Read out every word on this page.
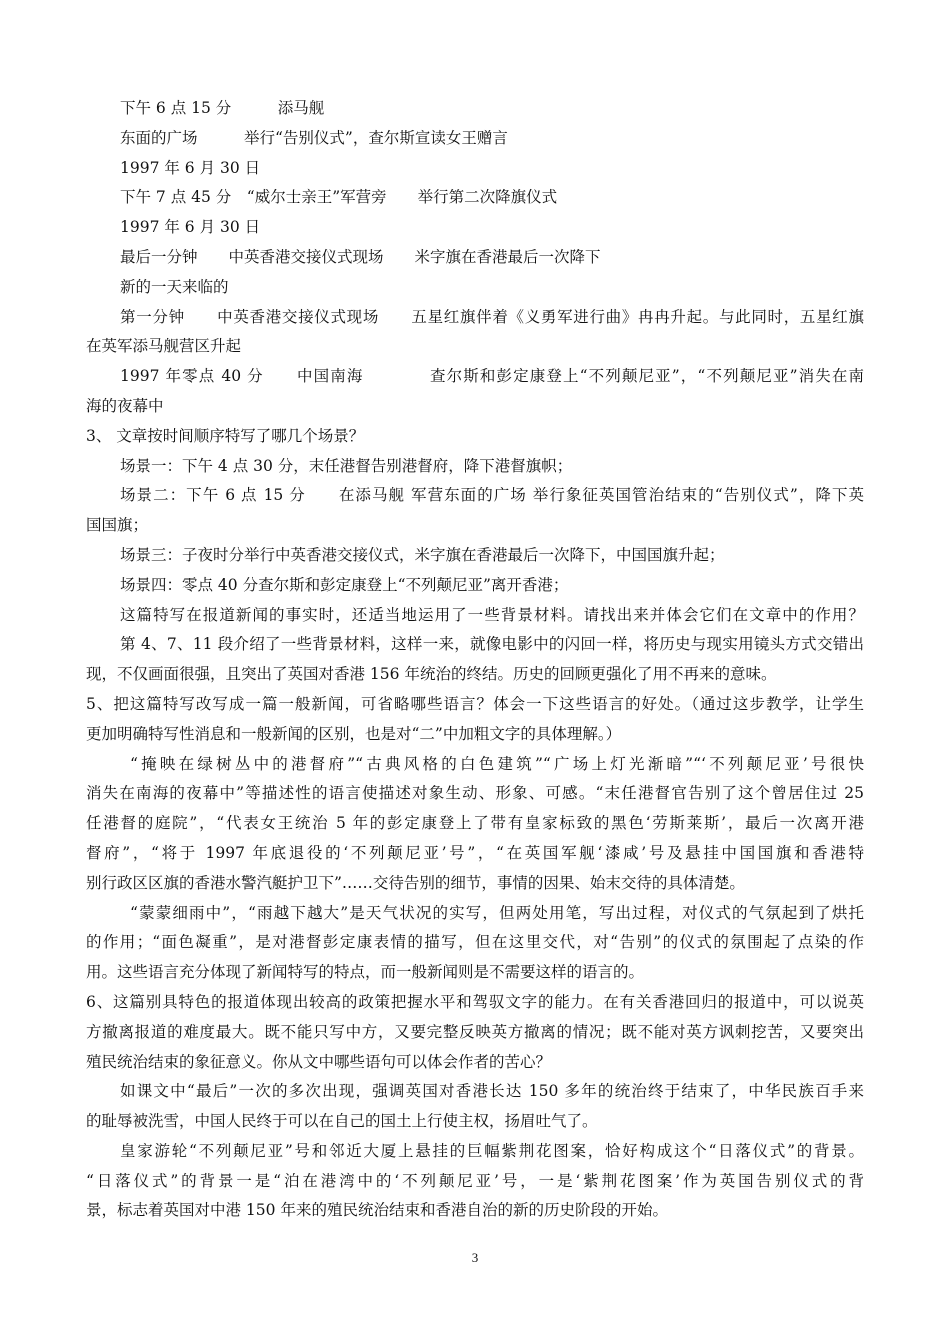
下午 6 点 15 分　　　添马舰
东面的广场　　　举行“告别仪式”，查尔斯宣读女王赠言
1997 年 6 月 30 日
下午 7 点 45 分　“威尔士亲王”军营旁　　举行第二次降旗仪式
1997 年 6 月 30 日
最后一分钟　　中英香港交接仪式现场　　米字旗在香港最后一次降下
新的一天来临的
第一分钟　　中英香港交接仪式现场　　五星红旗伴着《义勇军进行曲》冉冉升起。与此同时，五星红旗
在英军添马舰营区升起
1997 年零点 40 分　　中国南海　　　　查尔斯和彭定康登上“不列颠尼亚”，“不列颠尼亚”消失在南
海的夜幕中
3、 文章按时间顺序特写了哪几个场景？
场景一：下午 4 点 30 分，末任港督告别港督府，降下港督旗帜；
场景二：下午 6 点 15 分　　在添马舰 军营东面的广场 举行象征英国管治结束的“告别仪式”，降下英
国国旗；
场景三：子夜时分举行中英香港交接仪式，米字旗在香港最后一次降下，中国国旗升起；
场景四：零点 40 分查尔斯和彭定康登上“不列颠尼亚”离开香港；
这篇特写在报道新闻的事实时，还适当地运用了一些背景材料。请找出来并体会它们在文章中的作用？
第 4、7、11 段介绍了一些背景材料，这样一来，就像电影中的闪回一样，将历史与现实用镜头方式交错出
现，不仅画面很强，且突出了英国对香港 156 年统治的终结。历史的回顾更强化了用不再来的意味。
5、把这篇特写改写成一篇一般新闻，可省略哪些语言？体会一下这些语言的好处。（通过这步教学，让学生
更加明确特写性消息和一般新闻的区别，也是对“二”中加粗文字的具体理解。）
“掩映在绿树丛中的港督府”“古典风格的白色建筑”“广场上灯光渐暗”“‘不列颠尼亚’号很快
消失在南海的夜幕中”等描述性的语言使描述对象生动、形象、可感。“末任港督官告别了这个曾居住过 25
任港督的庭院”，“代表女王统治 5 年的彭定康登上了带有皇家标致的黑色‘劳斯莱斯’，最后一次离开港
督府”，“将于 1997 年底退役的‘不列颠尼亚’号”，“在英国军舰‘漆咸’号及悬挂中国国旗和香港特
别行政区区旗的香港水警汽艇护卫下”……交待告别的细节，事情的因果、始末交待的具体清楚。
“蒙蒙细雨中”，“雨越下越大”是天气状况的实写，但两处用笔，写出过程，对仪式的气氛起到了烘托
的作用；“面色凝重”，是对港督彭定康表情的描写，但在这里交代，对“告别”的仪式的氛围起了点染的作
用。这些语言充分体现了新闻特写的特点，而一般新闻则是不需要这样的语言的。
6、这篇别具特色的报道体现出较高的政策把握水平和驾驭文字的能力。在有关香港回归的报道中，可以说英
方撤离报道的难度最大。既不能只写中方，又要完整反映英方撤离的情况；既不能对英方讽刺挖苦，又要突出
殖民统治结束的象征意义。你从文中哪些语句可以体会作者的苦心？
如课文中“最后”一次的多次出现，强调英国对香港长达 150 多年的统治终于结束了，中华民族百手来
的耻辱被洗雪，中国人民终于可以在自己的国土上行使主权，扬眉吐气了。
皇家游轮“不列颠尼亚”号和邻近大厦上悬挂的巨幅紫荆花图案，恰好构成这个“日落仪式”的背景。
“日落仪式”的背景一是“泊在港湾中的‘不列颠尼亚’号，一是‘紫荆花图案’作为英国告别仪式的背
景，标志着英国对中港 150 年来的殖民统治结束和香港自治的新的历史阶段的开始。
3
